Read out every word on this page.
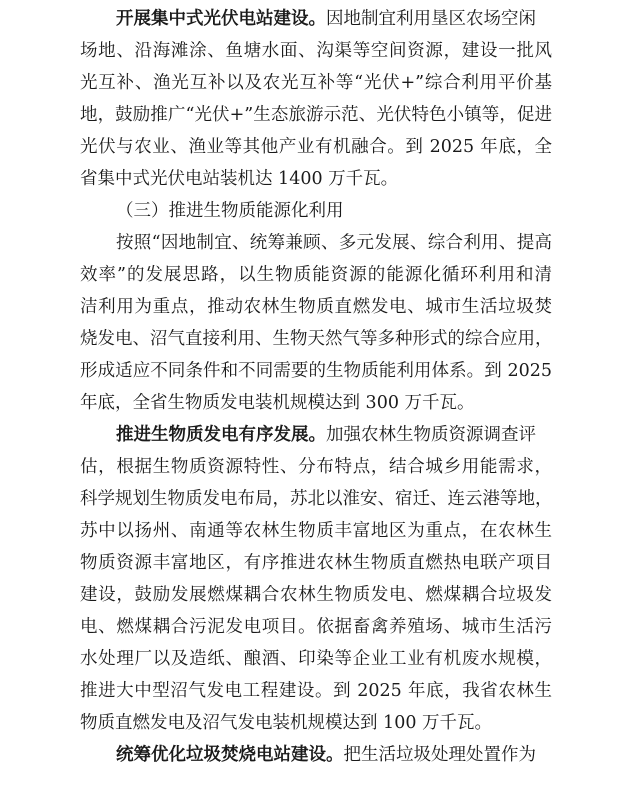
开展集中式光伏电站建设。因地制宜利用垦区农场空闲
场地、沿海滩涂、鱼塘水面、沟渠等空间资源，建设一批风
光互补、渔光互补以及农光互补等“光伏+”综合利用平价基
地，鼓励推广“光伏+”生态旅游示范、光伏特色小镇等，促进
光伏与农业、渔业等其他产业有机融合。到 2025 年底，全
省集中式光伏电站装机达 1400 万千瓦。
（三）推进生物质能源化利用
按照“因地制宜、统筹兼顾、多元发展、综合利用、提高
效率”的发展思路，以生物质能资源的能源化循环利用和清
洁利用为重点，推动农林生物质直燃发电、城市生活垃圾焚
烧发电、沼气直接利用、生物天然气等多种形式的综合应用，
形成适应不同条件和不同需要的生物质能利用体系。到 2025
年底，全省生物质发电装机规模达到 300 万千瓦。
推进生物质发电有序发展。加强农林生物质资源调查评
估，根据生物质资源特性、分布特点，结合城乡用能需求，
科学规划生物质发电布局，苏北以淮安、宿迁、连云港等地，
苏中以扬州、南通等农林生物质丰富地区为重点，在农林生
物质资源丰富地区，有序推进农林生物质直燃热电联产项目
建设，鼓励发展燃煤耦合农林生物质发电、燃煤耦合垃圾发
电、燃煤耦合污泥发电项目。依据畜禽养殖场、城市生活污
水处理厂以及造纸、酿酒、印染等企业工业有机废水规模，
推进大中型沼气发电工程建设。到 2025 年底，我省农林生
物质直燃发电及沼气发电装机规模达到 100 万千瓦。
统筹优化垃圾焚烧电站建设。把生活垃圾处理处置作为
